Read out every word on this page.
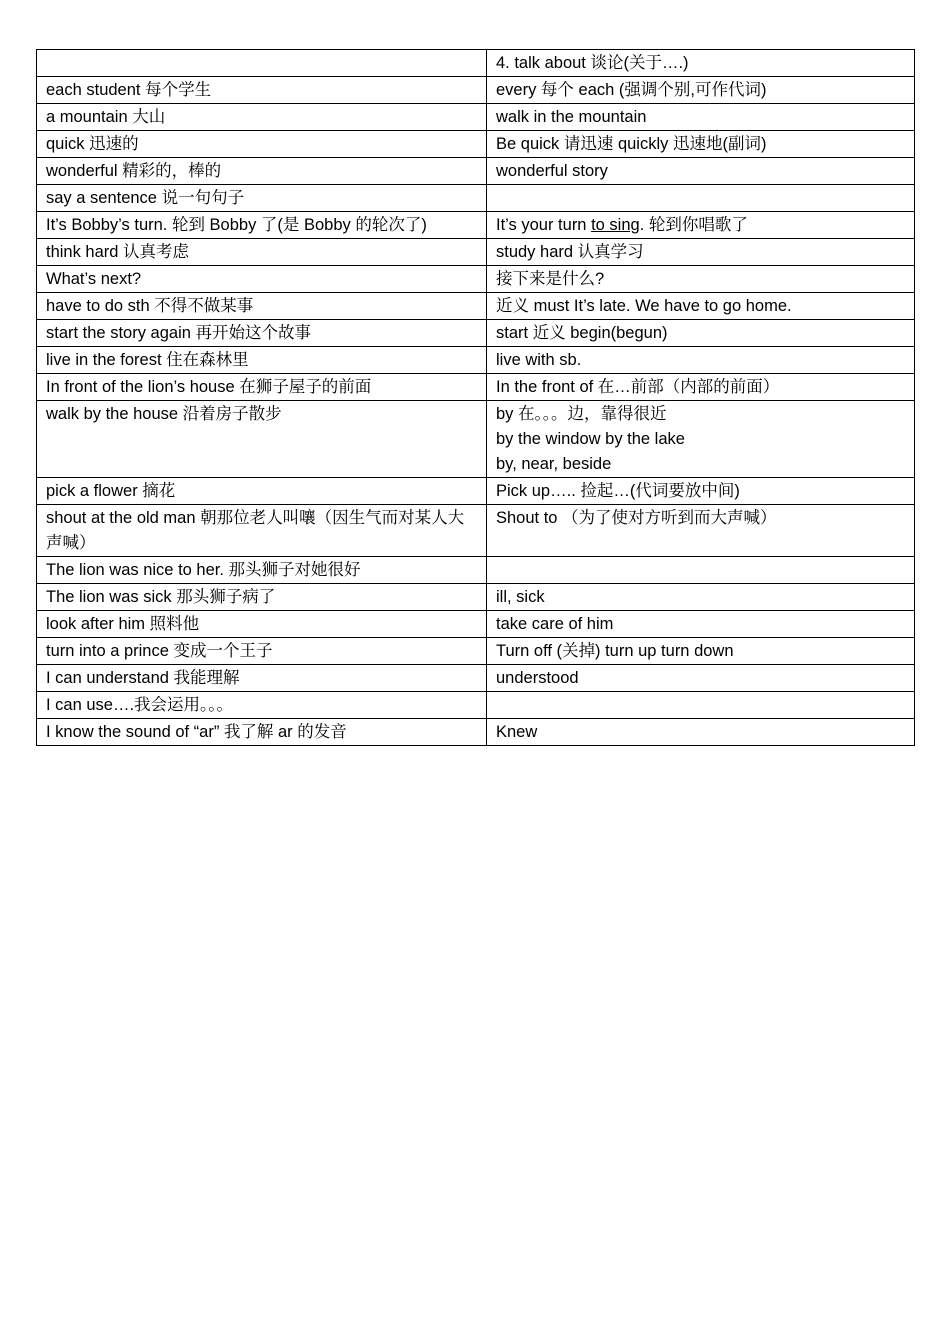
	4. talk about 谈论(关于….)
each student 每个学生	every 每个 each (强调个别,可作代词)
a mountain 大山	walk in the mountain
quick 迅速的	Be quick 请迅速 quickly 迅速地(副词)
wonderful 精彩的，棒的	wonderful story
say a sentence 说一句句子	
It’s Bobby’s turn. 轮到 Bobby 了(是 Bobby 的轮次了)	It’s your turn to sing. 轮到你唱歌了
think hard 认真考虑	study hard 认真学习
What’s next?	接下来是什么?
have to do sth 不得不做某事	近义 must It’s late. We have to go home.
start the story again 再开始这个故事	start 近义 begin(begun)
live in the forest 住在森林里	live with sb.
In front of the lion’s house 在狮子屋子的前面	In the front of 在…前部（内部的前面）
walk by the house 沿着房子散步	by 在。。。边，靠得很近
by the window by the lake
by, near, beside

pick a flower 摘花	Pick up….. 捡起…(代词要放中间)
shout at the old man 朝那位老人叫嚷（因生气而对某人大声喊）	Shout to （为了使对方听到而大声喊）
The lion was nice to her. 那头狮子对她很好	
The lion was sick 那头狮子病了	ill, sick
look after him 照料他	take care of him
turn into a prince 变成一个王子	Turn off (关掉) turn up turn down
I can understand 我能理解	understood
I can use….我会运用。。。	
I know the sound of “ar” 我了解 ar 的发音	Knew
